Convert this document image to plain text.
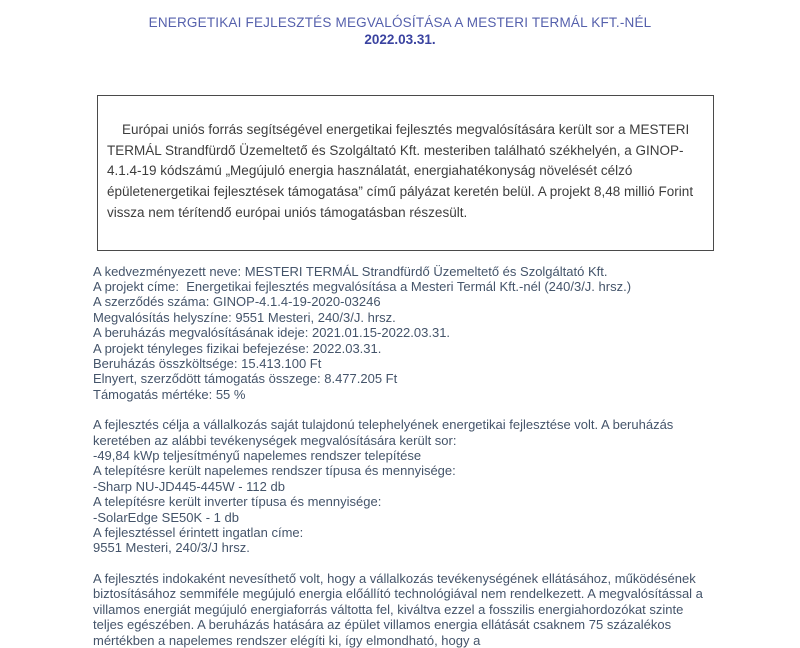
ENERGETIKAI FEJLESZTÉS MEGVALÓSÍTÁSA A MESTERI TERMÁL KFT.-NÉL
2022.03.31.

Európai uniós forrás segítségével energetikai fejlesztés megvalósítására került sor a MESTERI TERMÁL Strandfürdő Üzemeltető és Szolgáltató Kft. mesteriben található székhelyén, a GINOP-4.1.4-19 kódszámú „Megújuló energia használatát, energiahatékonyság növelését célzó épületenergetikai fejlesztések támogatása” című pályázat keretén belül. A projekt 8,48 millió Forint vissza nem térítendő európai uniós támogatásban részesült.

A kedvezményezett neve: MESTERI TERMÁL Strandfürdő Üzemeltető és Szolgáltató Kft.
A projekt címe:  Energetikai fejlesztés megvalósítása a Mesteri Termál Kft.-nél (240/3/J. hrsz.)
A szerződés száma: GINOP-4.1.4-19-2020-03246
Megvalósítás helyszíne: 9551 Mesteri, 240/3/J. hrsz.
A beruházás megvalósításának ideje: 2021.01.15-2022.03.31.
A projekt tényleges fizikai befejezése: 2022.03.31.
Beruházás összköltsége: 15.413.100 Ft
Elnyert, szerződött támogatás összege: 8.477.205 Ft
Támogatás mértéke: 55 %
A fejlesztés célja a vállalkozás saját tulajdonú telephelyének energetikai fejlesztése volt. A beruházás keretében az alábbi tevékenységek megvalósítására került sor:
-49,84 kWp teljesítményű napelemes rendszer telepítése
A telepítésre került napelemes rendszer típusa és mennyisége:
-Sharp NU-JD445-445W - 112 db
A telepítésre került inverter típusa és mennyisége:
-SolarEdge SE50K - 1 db
A fejlesztéssel érintett ingatlan címe:
9551 Mesteri, 240/3/J hrsz.
A fejlesztés indokaként nevesíthető volt, hogy a vállalkozás tevékenységének ellátásához, működésének biztosításához semmiféle megújuló energia előállító technológiával nem rendelkezett. A megvalósítással a villamos energiát megújuló energiaforrás váltotta fel, kiváltva ezzel a fosszilis energiahordozókat szinte teljes egészében. A beruházás hatására az épület villamos energia ellátását csaknem 75 százalékos mértékben a napelemes rendszer elégíti ki, így elmondható, hogy a
